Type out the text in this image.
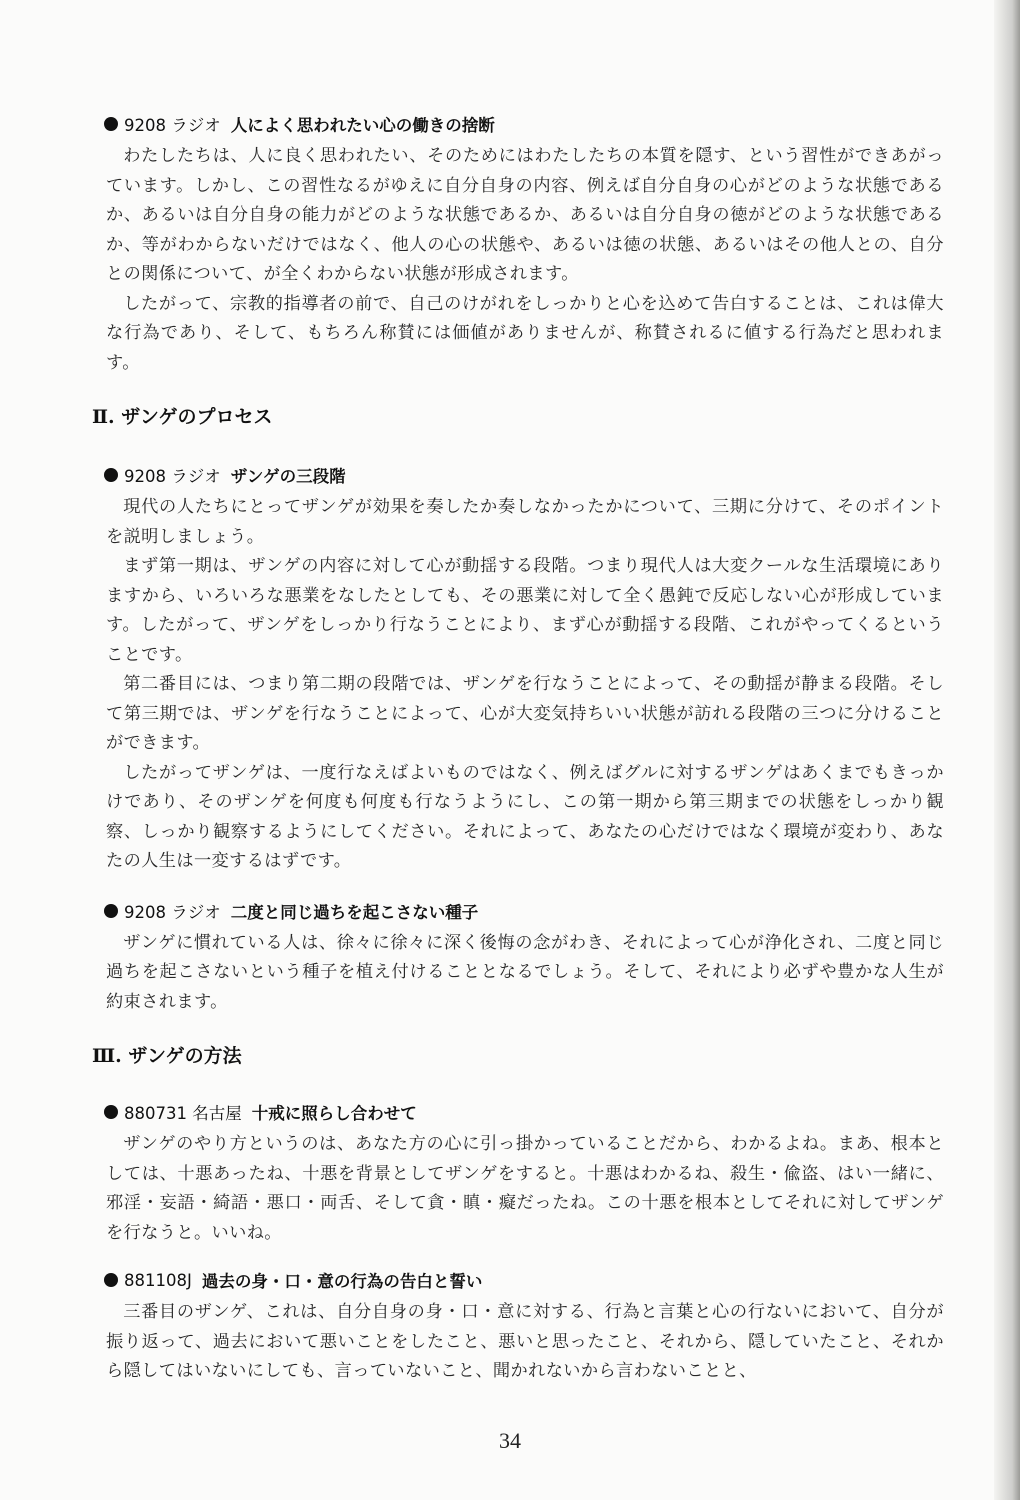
9208 ラジオ 人によく思われたい心の働きの捨断

わたしたちは、人に良く思われたい、そのためにはわたしたちの本質を隠す、という習性ができあがっています。しかし、この習性なるがゆえに自分自身の内容、例えば自分自身の心がどのような状態であるか、あるいは自分自身の能力がどのような状態であるか、あるいは自分自身の徳がどのような状態であるか、等がわからないだけではなく、他人の心の状態や、あるいは徳の状態、あるいはその他人との、自分との関係について、が全くわからない状態が形成されます。

したがって、宗教的指導者の前で、自己のけがれをしっかりと心を込めて告白することは、これは偉大な行為であり、そして、もちろん称賛には価値がありませんが、称賛されるに値する行為だと思われます。

Ⅱ. ザンゲのプロセス
9208 ラジオ ザンゲの三段階

現代の人たちにとってザンゲが効果を奏したか奏しなかったかについて、三期に分けて、そのポイントを説明しましょう。

まず第一期は、ザンゲの内容に対して心が動揺する段階。つまり現代人は大変クールな生活環境にありますから、いろいろな悪業をなしたとしても、その悪業に対して全く愚鈍で反応しない心が形成しています。したがって、ザンゲをしっかり行なうことにより、まず心が動揺する段階、これがやってくるということです。

第二番目には、つまり第二期の段階では、ザンゲを行なうことによって、その動揺が静まる段階。そして第三期では、ザンゲを行なうことによって、心が大変気持ちいい状態が訪れる段階の三つに分けることができます。

したがってザンゲは、一度行なえばよいものではなく、例えばグルに対するザンゲはあくまでもきっかけであり、そのザンゲを何度も何度も行なうようにし、この第一期から第三期までの状態をしっかり観察、しっかり観察するようにしてください。それによって、あなたの心だけではなく環境が変わり、あなたの人生は一変するはずです。

9208 ラジオ 二度と同じ過ちを起こさない種子

ザンゲに慣れている人は、徐々に徐々に深く後悔の念がわき、それによって心が浄化され、二度と同じ過ちを起こさないという種子を植え付けることとなるでしょう。そして、それにより必ずや豊かな人生が約束されます。

Ⅲ. ザンゲの方法
880731 名古屋 十戒に照らし合わせて

ザンゲのやり方というのは、あなた方の心に引っ掛かっていることだから、わかるよね。まあ、根本としては、十悪あったね、十悪を背景としてザンゲをすると。十悪はわかるね、殺生・偸盗、はい一緒に、邪淫・妄語・綺語・悪口・両舌、そして貪・瞋・癡だったね。この十悪を根本としてそれに対してザンゲを行なうと。いいね。

881108J 過去の身・口・意の行為の告白と誓い

三番目のザンゲ、これは、自分自身の身・口・意に対する、行為と言葉と心の行ないにおいて、自分が振り返って、過去において悪いことをしたこと、悪いと思ったこと、それから、隠していたこと、それから隠してはいないにしても、言っていないこと、聞かれないから言わないことと、

34
